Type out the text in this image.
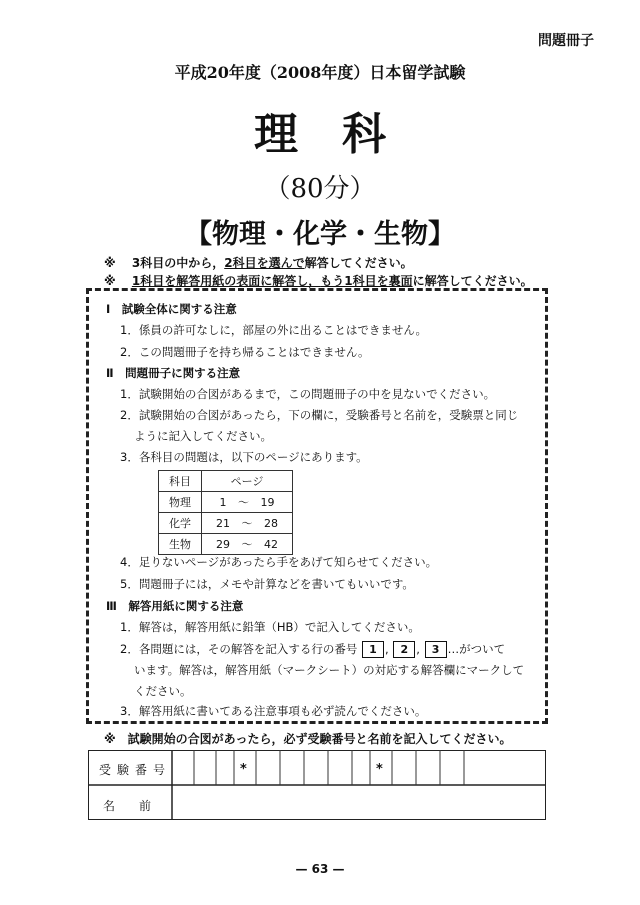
問題冊子
平成20年度（2008年度）日本留学試験
理科
（80分）
【物理・化学・生物】
※　 3科目の中から，2科目を選んで解答してください。
※　 1科目を解答用紙の表面に解答し，もう1科目を裏面に解答してください。
Ⅰ　 試験全体に関する注意
1．係員の許可なしに，部屋の外に出ることはできません。
2．この問題冊子を持ち帰ることはできません。
Ⅱ　 問題冊子に関する注意
1．試験開始の合図があるまで，この問題冊子の中を見ないでください。
2．試験開始の合図があったら，下の欄に，受験番号と名前を，受験票と同じ
ように記入してください。
3．各科目の問題は，以下のページにあります。
科目	ページ
物理	1 ～ 19
化学	21 ～ 28
生物	29 ～ 42
4．足りないページがあったら手をあげて知らせてください。
5．問題冊子には，メモや計算などを書いてもいいです。
Ⅲ　 解答用紙に関する注意
1．解答は，解答用紙に鉛筆（HB）で記入してください。
2．各問題には，その解答を記入する行の番号 1 , 2 , 3 …がついて
います。解答は，解答用紙（マークシート）の対応する解答欄にマークして
ください。
3．解答用紙に書いてある注意事項も必ず読んでください。
※　試験開始の合図があったら，必ず受験番号と名前を記入してください。
受験番号	*	*
名　前
— 63 —
